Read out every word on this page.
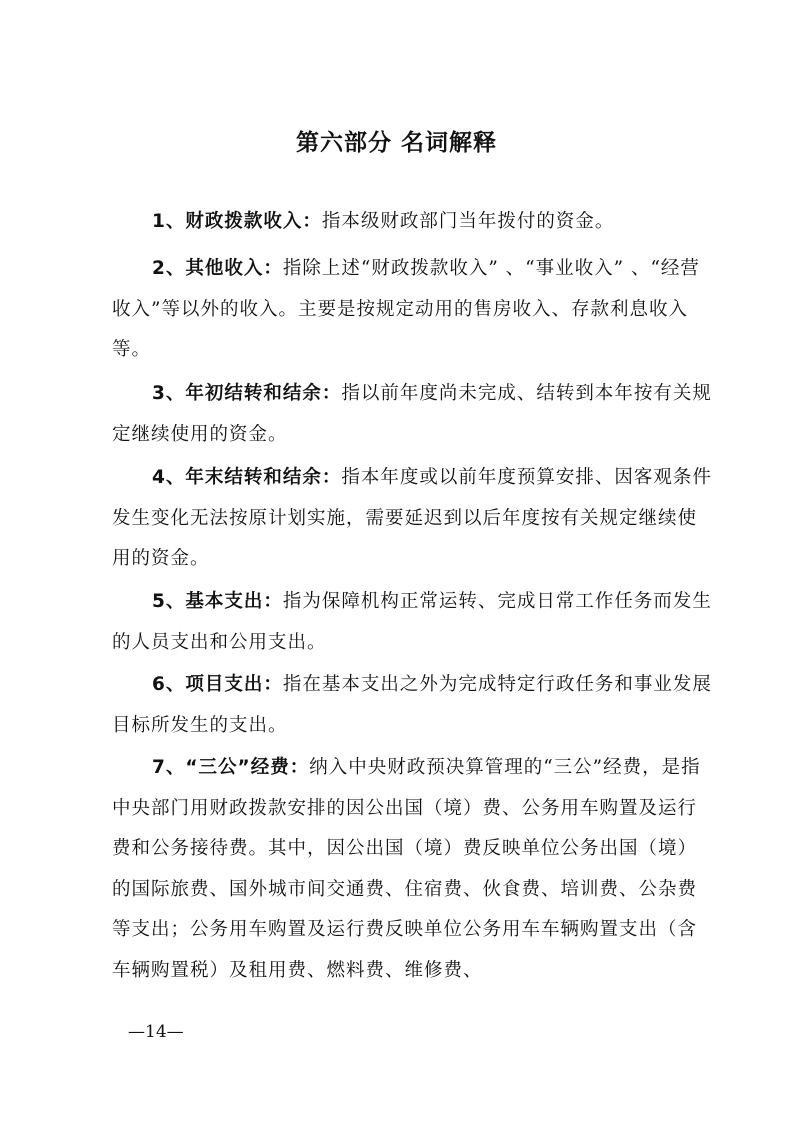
第六部分 名词解释

1、财政拨款收入：指本级财政部门当年拨付的资金。

2、其他收入：指除上述“财政拨款收入” 、“事业收入” 、“经营收入”等以外的收入。主要是按规定动用的售房收入、存款利息收入等。

3、年初结转和结余：指以前年度尚未完成、结转到本年按有关规定继续使用的资金。

4、年末结转和结余：指本年度或以前年度预算安排、因客观条件发生变化无法按原计划实施，需要延迟到以后年度按有关规定继续使用的资金。

5、基本支出：指为保障机构正常运转、完成日常工作任务而发生的人员支出和公用支出。

6、项目支出：指在基本支出之外为完成特定行政任务和事业发展目标所发生的支出。

7、“三公”经费：纳入中央财政预决算管理的“三公”经费，是指中央部门用财政拨款安排的因公出国（境）费、公务用车购置及运行费和公务接待费。其中，因公出国（境）费反映单位公务出国（境）的国际旅费、国外城市间交通费、住宿费、伙食费、培训费、公杂费等支出；公务用车购置及运行费反映单位公务用车车辆购置支出（含车辆购置税）及租用费、燃料费、维修费、

—14—
